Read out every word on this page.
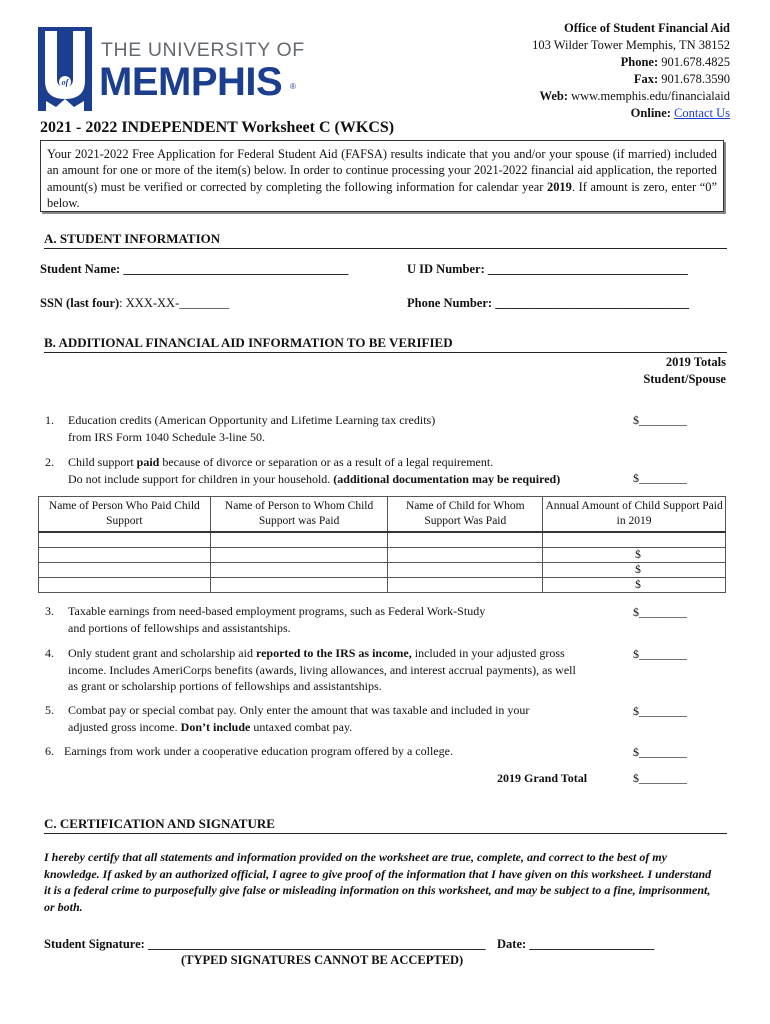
of
THE UNIVERSITY OF
MEMPHIS ®
Office of Student Financial Aid
103 Wilder Tower Memphis, TN 38152
Phone: 901.678.4825
Fax: 901.678.3590
Web: www.memphis.edu/financialaid
Online: Contact Us
2021 - 2022 INDEPENDENT Worksheet C (WKCS)
Your 2021-2022 Free Application for Federal Student Aid (FAFSA) results indicate that you and/or your spouse (if married) included an amount for one or more of the item(s) below. In order to continue processing your 2021-2022 financial aid application, the reported amount(s) must be verified or corrected by completing the following information for calendar year 2019. If amount is zero, enter “0” below.
A. STUDENT INFORMATION
Student Name: ____________________________________	U ID Number: ________________________________
SSN (last four): XXX-XX-________	Phone Number: _______________________________
B. ADDITIONAL FINANCIAL AID INFORMATION TO BE VERIFIED
2019 Totals
Student/Spouse
1. Education credits (American Opportunity and Lifetime Learning tax credits)
from IRS Form 1040 Schedule 3-line 50.
$________
2. Child support paid because of divorce or separation or as a result of a legal requirement.
Do not include support for children in your household. (additional documentation may be required)	$________
Name of Person Who Paid Child Support	Name of Person to Whom Child Support was Paid	Name of Child for Whom Support Was Paid	Annual Amount of Child Support Paid in 2019

			$
			$
			$
3. Taxable earnings from need-based employment programs, such as Federal Work-Study
and portions of fellowships and assistantships.
$________
4. Only student grant and scholarship aid reported to the IRS as income, included in your adjusted gross
income. Includes AmeriCorps benefits (awards, living allowances, and interest accrual payments), as well
as grant or scholarship portions of fellowships and assistantships.
$________
5. Combat pay or special combat pay. Only enter the amount that was taxable and included in your
adjusted gross income. Don’t include untaxed combat pay.
$________
6. Earnings from work under a cooperative education program offered by a college.	$________
2019 Grand Total	$________
C. CERTIFICATION AND SIGNATURE
I hereby certify that all statements and information provided on the worksheet are true, complete, and correct to the best of my knowledge. If asked by an authorized official, I agree to give proof of the information that I have given on this worksheet. I understand it is a federal crime to purposefully give false or misleading information on this worksheet, and may be subject to a fine, imprisonment, or both.
Student Signature: ______________________________________________________ Date: ____________________
(TYPED SIGNATURES CANNOT BE ACCEPTED)
